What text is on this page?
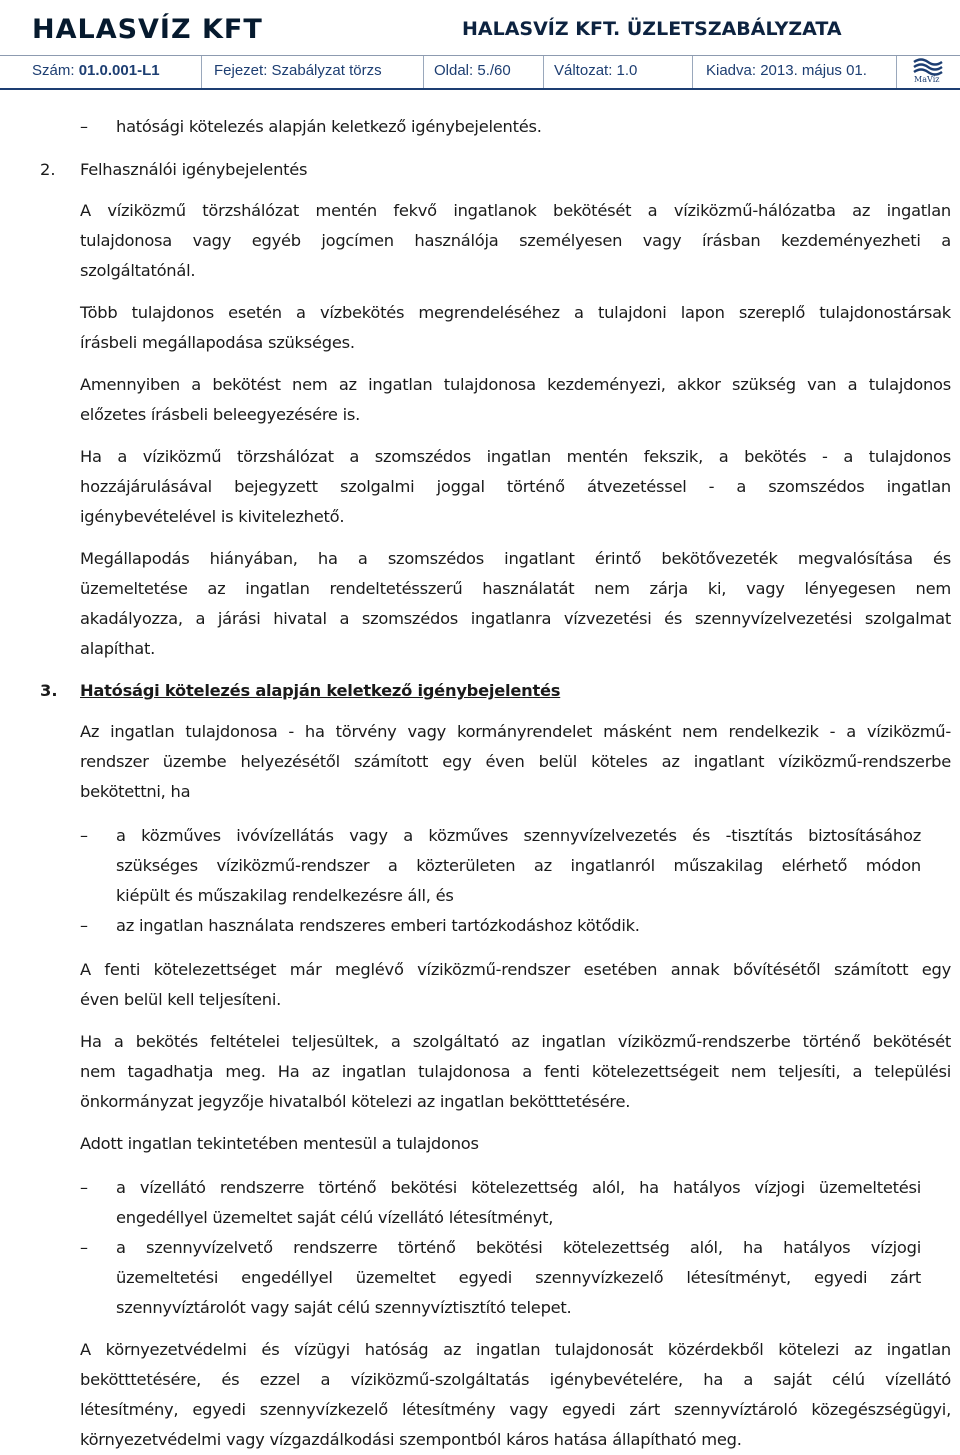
HALASVÍZ KFT	HALASVÍZ KFT. ÜZLETSZABÁLYZATA
Szám: 01.0.001-L1	Fejezet: Szabályzat törzs	Oldal: 5./60	Változat: 1.0	Kiadva: 2013. május 01.
MaVíz
– hatósági kötelezés alapján keletkező igénybejelentés.
2. Felhasználói igénybejelentés
A víziközmű törzshálózat mentén fekvő ingatlanok bekötését a víziközmű-hálózatba az ingatlan
tulajdonosa vagy egyéb jogcímen használója személyesen vagy írásban kezdeményezheti a
szolgáltatónál.
Több tulajdonos esetén a vízbekötés megrendeléséhez a tulajdoni lapon szereplő tulajdonostársak
írásbeli megállapodása szükséges.
Amennyiben a bekötést nem az ingatlan tulajdonosa kezdeményezi, akkor szükség van a tulajdonos
előzetes írásbeli beleegyezésére is.
Ha a víziközmű törzshálózat a szomszédos ingatlan mentén fekszik, a bekötés - a tulajdonos
hozzájárulásával bejegyzett szolgalmi joggal történő átvezetéssel - a szomszédos ingatlan
igénybevételével is kivitelezhető.
Megállapodás hiányában, ha a szomszédos ingatlant érintő bekötővezeték megvalósítása és
üzemeltetése az ingatlan rendeltetésszerű használatát nem zárja ki, vagy lényegesen nem
akadályozza, a járási hivatal a szomszédos ingatlanra vízvezetési és szennyvízelvezetési szolgalmat
alapíthat.
3. Hatósági kötelezés alapján keletkező igénybejelentés
Az ingatlan tulajdonosa - ha törvény vagy kormányrendelet másként nem rendelkezik - a víziközmű-
rendszer üzembe helyezésétől számított egy éven belül köteles az ingatlant víziközmű-rendszerbe
bekötettni, ha
– a közműves ivóvízellátás vagy a közműves szennyvízelvezetés és -tisztítás biztosításához
szükséges víziközmű-rendszer a közterületen az ingatlanról műszakilag elérhető módon
kiépült és műszakilag rendelkezésre áll, és
– az ingatlan használata rendszeres emberi tartózkodáshoz kötődik.
A fenti kötelezettséget már meglévő víziközmű-rendszer esetében annak bővítésétől számított egy
éven belül kell teljesíteni.
Ha a bekötés feltételei teljesültek, a szolgáltató az ingatlan víziközmű-rendszerbe történő bekötését
nem tagadhatja meg. Ha az ingatlan tulajdonosa a fenti kötelezettségeit nem teljesíti, a települési
önkormányzat jegyzője hivatalból kötelezi az ingatlan bekötttetésére.
Adott ingatlan tekintetében mentesül a tulajdonos
– a vízellátó rendszerre történő bekötési kötelezettség alól, ha hatályos vízjogi üzemeltetési
engedéllyel üzemeltet saját célú vízellátó létesítményt,
– a szennyvízelvető rendszerre történő bekötési kötelezettség alól, ha hatályos vízjogi
üzemeltetési engedéllyel üzemeltet egyedi szennyvízkezelő létesítményt, egyedi zárt
szennyvíztárolót vagy saját célú szennyvíztisztító telepet.
A környezetvédelmi és vízügyi hatóság az ingatlan tulajdonosát közérdekből kötelezi az ingatlan
bekötttetésére, és ezzel a víziközmű-szolgáltatás igénybevételére, ha a saját célú vízellátó
létesítmény, egyedi szennyvízkezelő létesítmény vagy egyedi zárt szennyvíztároló közegészségügyi,
környezetvédelmi vagy vízgazdálkodási szempontból káros hatása állapítható meg.
